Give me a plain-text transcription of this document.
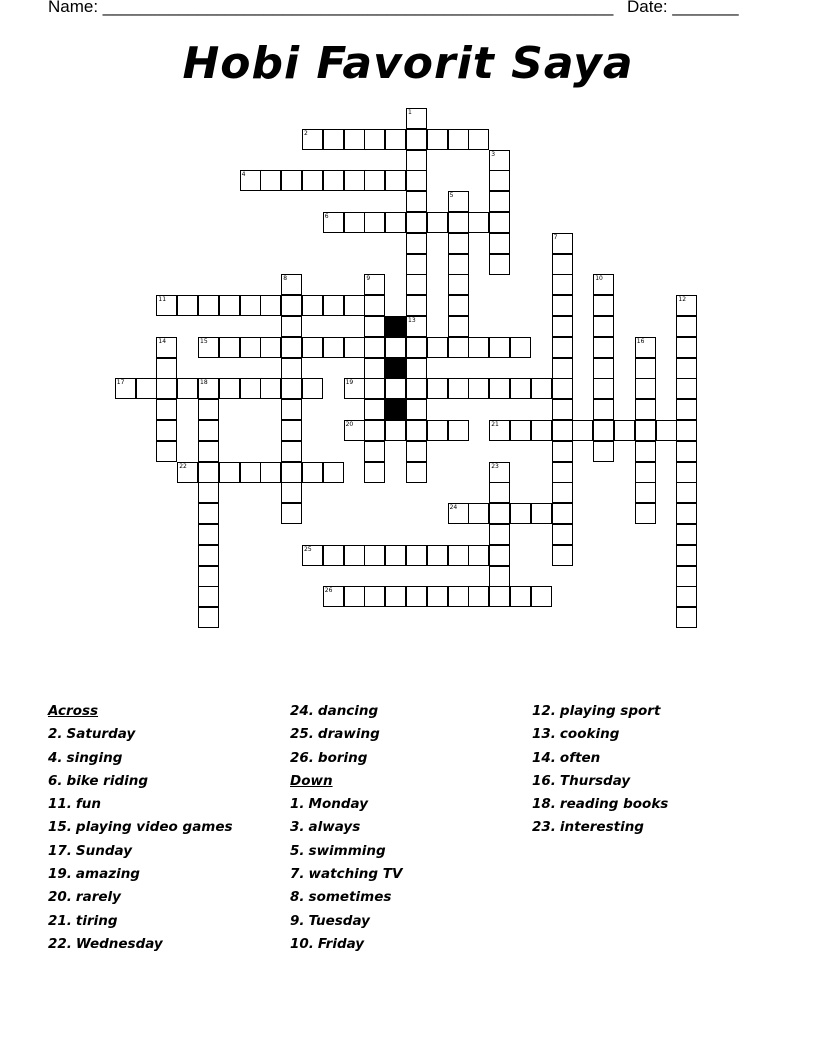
Name: ______________________________________________________ Date: _______
Hobi Favorit Saya
1
2
3
4
5
6
7
8	9	10
11	12
13
14	15	16
17	18	19
20	21
22	23
24
25
26
Across
2. Saturday
4. singing
6. bike riding
11. fun
15. playing video games
17. Sunday
19. amazing
20. rarely
21. tiring
22. Wednesday
24. dancing
25. drawing
26. boring
Down
1. Monday
3. always
5. swimming
7. watching TV
8. sometimes
9. Tuesday
10. Friday
12. playing sport
13. cooking
14. often
16. Thursday
18. reading books
23. interesting
